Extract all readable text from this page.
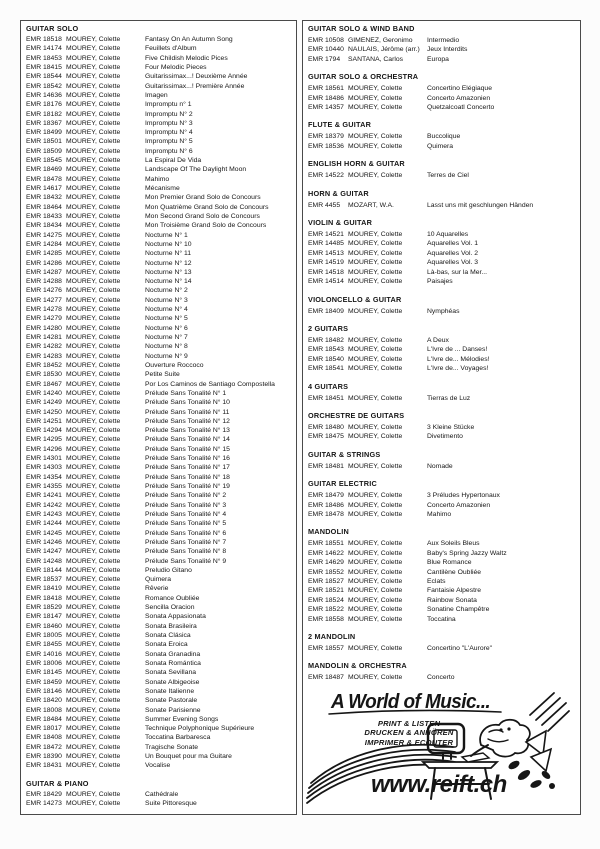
GUITAR SOLO
EMR 18518 MOUREY, Colette	Fantasy On An Autumn Song
EMR 14174 MOUREY, Colette	Feuillets d'Album
EMR 18453 MOUREY, Colette	Five Childish Melodic Pices
EMR 18415 MOUREY, Colette	Four Melodic Pieces
EMR 18544 MOUREY, Colette	Guitarissimax...! Deuxième Année
EMR 18542 MOUREY, Colette	Guitarissimax...! Première Année
EMR 14636 MOUREY, Colette	Imagen
EMR 18176 MOUREY, Colette	Impromptu n° 1
EMR 18182 MOUREY, Colette	Impromptu N° 2
EMR 18367 MOUREY, Colette	Impromptu N° 3
EMR 18499 MOUREY, Colette	Impromptu N° 4
EMR 18501 MOUREY, Colette	Impromptu N° 5
EMR 18509 MOUREY, Colette	Impromptu N° 6
EMR 18545 MOUREY, Colette	La Espiral De Vida
EMR 18469 MOUREY, Colette	Landscape Of The Daylight Moon
EMR 18478 MOUREY, Colette	Mahimo
EMR 14617 MOUREY, Colette	Mécanisme
EMR 18432 MOUREY, Colette	Mon Premier Grand Solo de Concours
EMR 18464 MOUREY, Colette	Mon Quatrième Grand Solo de Concours
EMR 18433 MOUREY, Colette	Mon Second Grand Solo de Concours
EMR 18434 MOUREY, Colette	Mon Troisième Grand Solo de Concours
EMR 14275 MOUREY, Colette	Nocturne N° 1
EMR 14284 MOUREY, Colette	Nocturne N° 10
EMR 14285 MOUREY, Colette	Nocturne N° 11
EMR 14286 MOUREY, Colette	Nocturne N° 12
EMR 14287 MOUREY, Colette	Nocturne N° 13
EMR 14288 MOUREY, Colette	Nocturne N° 14
EMR 14276 MOUREY, Colette	Nocturne N° 2
EMR 14277 MOUREY, Colette	Nocturne N° 3
EMR 14278 MOUREY, Colette	Nocturne N° 4
EMR 14279 MOUREY, Colette	Nocturne N° 5
EMR 14280 MOUREY, Colette	Nocturne N° 6
EMR 14281 MOUREY, Colette	Nocturne N° 7
EMR 14282 MOUREY, Colette	Nocturne N° 8
EMR 14283 MOUREY, Colette	Nocturne N° 9
EMR 18452 MOUREY, Colette	Ouverture Roccoco
EMR 18530 MOUREY, Colette	Petite Suite
EMR 18467 MOUREY, Colette	Por Los Caminos de Santiago Compostella
EMR 14240 MOUREY, Colette	Prélude Sans Tonalité N° 1
EMR 14249 MOUREY, Colette	Prélude Sans Tonalité N° 10
EMR 14250 MOUREY, Colette	Prélude Sans Tonalité N° 11
EMR 14251 MOUREY, Colette	Prélude Sans Tonalité N° 12
EMR 14294 MOUREY, Colette	Prélude Sans Tonalité N° 13
EMR 14295 MOUREY, Colette	Prélude Sans Tonalité N° 14
EMR 14296 MOUREY, Colette	Prélude Sans Tonalité N° 15
EMR 14301 MOUREY, Colette	Prélude Sans Tonalité N° 16
EMR 14303 MOUREY, Colette	Prélude Sans Tonalité N° 17
EMR 14354 MOUREY, Colette	Prélude Sans Tonalité N° 18
EMR 14355 MOUREY, Colette	Prélude Sans Tonalité N° 19
EMR 14241 MOUREY, Colette	Prélude Sans Tonalité N° 2
EMR 14242 MOUREY, Colette	Prélude Sans Tonalité N° 3
EMR 14243 MOUREY, Colette	Prélude Sans Tonalité N° 4
EMR 14244 MOUREY, Colette	Prélude Sans Tonalité N° 5
EMR 14245 MOUREY, Colette	Prélude Sans Tonalité N° 6
EMR 14246 MOUREY, Colette	Prélude Sans Tonalité N° 7
EMR 14247 MOUREY, Colette	Prélude Sans Tonalité N° 8
EMR 14248 MOUREY, Colette	Prélude Sans Tonalité N° 9
EMR 18144 MOUREY, Colette	Preludio Gitano
EMR 18537 MOUREY, Colette	Quimera
EMR 18419 MOUREY, Colette	Rêverie
EMR 18418 MOUREY, Colette	Romance Oubliée
EMR 18529 MOUREY, Colette	Sencilla Oracion
EMR 18147 MOUREY, Colette	Sonata Appasionata
EMR 18460 MOUREY, Colette	Sonata Brasileira
EMR 18005 MOUREY, Colette	Sonata Clásica
EMR 18455 MOUREY, Colette	Sonata Eroica
EMR 14016 MOUREY, Colette	Sonata Granadina
EMR 18006 MOUREY, Colette	Sonata Romántica
EMR 18145 MOUREY, Colette	Sonata Sevillana
EMR 18459 MOUREY, Colette	Sonate Albigeoise
EMR 18146 MOUREY, Colette	Sonate Italienne
EMR 18420 MOUREY, Colette	Sonate Pastorale
EMR 18008 MOUREY, Colette	Sonate Parisienne
EMR 18484 MOUREY, Colette	Summer Evening Songs
EMR 18017 MOUREY, Colette	Technique Polyphonique Supérieure
EMR 18408 MOUREY, Colette	Toccatina Barbaresca
EMR 18472 MOUREY, Colette	Tragische Sonate
EMR 18390 MOUREY, Colette	Un Bouquet pour ma Guitare
EMR 18431 MOUREY, Colette	Vocalise
GUITAR & PIANO
EMR 18429 MOUREY, Colette	Cathédrale
EMR 14273 MOUREY, Colette	Suite Pittoresque
GUITAR SOLO & WIND BAND
EMR 10508 GIMENEZ, Geronimo	Intermedio
EMR 10440 NAULAIS, Jérôme (arr.)	Jeux Interdits
EMR 1794	SANTANA, Carlos	Europa
GUITAR SOLO & ORCHESTRA
EMR 18561 MOUREY, Colette	Concertino Elégiaque
EMR 18486 MOUREY, Colette	Concerto Amazonien
EMR 14357 MOUREY, Colette	Quetzalcoatl Concerto
FLUTE & GUITAR
EMR 18379 MOUREY, Colette	Buccolique
EMR 18536 MOUREY, Colette	Quimera
ENGLISH HORN & GUITAR
EMR 14522 MOUREY, Colette	Terres de Ciel
HORN & GUITAR
EMR 4455	MOZART, W.A.	Lasst uns mit geschlungen Händen
VIOLIN & GUITAR
EMR 14521 MOUREY, Colette	10 Aquarelles
EMR 14485 MOUREY, Colette	Aquarelles Vol. 1
EMR 14513 MOUREY, Colette	Aquarelles Vol. 2
EMR 14519 MOUREY, Colette	Aquarelles Vol. 3
EMR 14518 MOUREY, Colette	Là-bas, sur la Mer...
EMR 14514 MOUREY, Colette	Paisajes
VIOLONCELLO & GUITAR
EMR 18409 MOUREY, Colette	Nymphéas
2 GUITARS
EMR 18482 MOUREY, Colette	A Deux
EMR 18543 MOUREY, Colette	L'Ivre de ... Danses!
EMR 18540 MOUREY, Colette	L'Ivre de... Mélodies!
EMR 18541 MOUREY, Colette	L'Ivre de... Voyages!
4 GUITARS
EMR 18451 MOUREY, Colette	Tierras de Luz
ORCHESTRE DE GUITARS
EMR 18480 MOUREY, Colette	3 Kleine Stücke
EMR 18475 MOUREY, Colette	Divetimento
GUITAR & STRINGS
EMR 18481 MOUREY, Colette	Nomade
GUITAR ELECTRIC
EMR 18479 MOUREY, Colette	3 Préludes Hypertonaux
EMR 18486 MOUREY, Colette	Concerto Amazonien
EMR 18478 MOUREY, Colette	Mahimo
MANDOLIN
EMR 18551 MOUREY, Colette	Aux Soleils Bleus
EMR 14622 MOUREY, Colette	Baby's Spring Jazzy Waltz
EMR 14629 MOUREY, Colette	Blue Romance
EMR 18552 MOUREY, Colette	Cantilène Oubliée
EMR 18527 MOUREY, Colette	Eclats
EMR 18521 MOUREY, Colette	Fantaisie Alpestre
EMR 18524 MOUREY, Colette	Rainbow Sonata
EMR 18522 MOUREY, Colette	Sonatine Champêtre
EMR 18558 MOUREY, Colette	Toccatina
2 MANDOLIN
EMR 18557 MOUREY, Colette	Concertino "L'Aurore"
MANDOLIN & ORCHESTRA
EMR 18487 MOUREY, Colette	Concerto
A World of Music...
PRINT & LISTEN
DRUCKEN & ANHÖREN
IMPRIMER & ECOUTER
www.reift.ch
